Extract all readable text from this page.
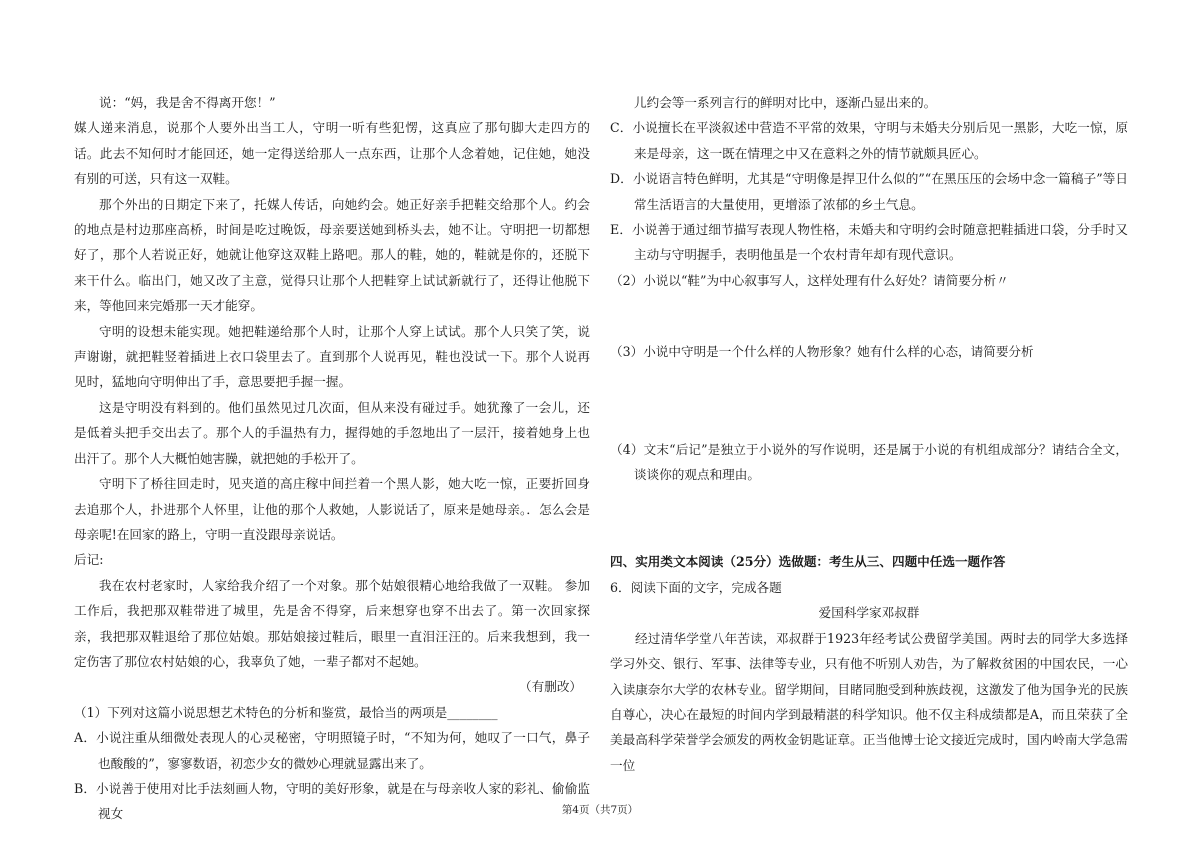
说：“妈，我是舍不得离开您！”

媒人递来消息，说那个人要外出当工人，守明一听有些犯愣，这真应了那句脚大走四方的话。此去不知何时才能回还，她一定得送给那人一点东西，让那个人念着她，记住她，她没有别的可送，只有这一双鞋。

那个外出的日期定下来了，托媒人传话，向她约会。她正好亲手把鞋交给那个人。约会的地点是村边那座高桥，时间是吃过晚饭，母亲要送她到桥头去，她不让。守明把一切都想好了，那个人若说正好，她就让他穿这双鞋上路吧。那人的鞋，她的，鞋就是你的，还脱下来干什么。临出门，她又改了主意，觉得只让那个人把鞋穿上试试新就行了，还得让他脱下来，等他回来完婚那一天才能穿。

守明的设想未能实现。她把鞋递给那个人时，让那个人穿上试试。那个人只笑了笑，说声谢谢，就把鞋竖着插进上衣口袋里去了。直到那个人说再见，鞋也没试一下。那个人说再见时，猛地向守明伸出了手，意思要把手握一握。

这是守明没有料到的。他们虽然见过几次面，但从来没有碰过手。她犹豫了一会儿，还是低着头把手交出去了。那个人的手温热有力，握得她的手忽地出了一层汗，接着她身上也出汗了。那个人大概怕她害臊，就把她的手松开了。

守明下了桥往回走时，见夹道的高庄稼中间拦着一个黑人影，她大吃一惊，正要折回身去追那个人，扑进那个人怀里，让他的那个人救她，人影说话了，原来是她母亲。．怎么会是母亲呢!在回家的路上，守明一直没跟母亲说话。

后记:

我在农村老家时，人家给我介绍了一个对象。那个姑娘很精心地给我做了一双鞋。 参加工作后，我把那双鞋带进了城里，先是舍不得穿，后来想穿也穿不出去了。第一次回家探亲，我把那双鞋退给了那位姑娘。那姑娘接过鞋后，眼里一直泪汪汪的。后来我想到，我一定伤害了那位农村姑娘的心，我辜负了她，一辈子都对不起她。

（有删改）

（1）下列对这篇小说思想艺术特色的分析和鉴赏，最恰当的两项是________

A．小说注重从细微处表现人的心灵秘密，守明照镜子时，“不知为何，她叹了一口气，鼻子也酸酸的”，寥寥数语，初恋少女的微妙心理就显露出来了。

B．小说善于使用对比手法刻画人物，守明的美好形象，就是在与母亲收人家的彩礼、偷偷监视女

儿约会等一系列言行的鲜明对比中，逐渐凸显出来的。

C．小说擅长在平淡叙述中营造不平常的效果，守明与未婚夫分别后见一黑影，大吃一惊，原来是母亲，这一既在情理之中又在意料之外的情节就颇具匠心。

D．小说语言特色鲜明，尤其是“守明像是捍卫什么似的”“在黑压压的会场中念一篇稿子”等日常生活语言的大量使用，更增添了浓郁的乡土气息。

E．小说善于通过细节描写表现人物性格，未婚夫和守明约会时随意把鞋插进口袋，分手时又主动与守明握手，表明他虽是一个农村青年却有现代意识。

（2）小说以“鞋”为中心叙事写人，这样处理有什么好处？请简要分析〃

（3）小说中守明是一个什么样的人物形象？她有什么样的心态，请简要分析

（4）文末“后记”是独立于小说外的写作说明，还是属于小说的有机组成部分？请结合全文，谈谈你的观点和理由。

四、实用类文本阅读（25分）选做题：考生从三、四题中任选一题作答

6．阅读下面的文字，完成各题

爱国科学家邓叔群

经过清华学堂八年苦读，邓叔群于1923年经考试公费留学美国。两时去的同学大多选择学习外交、银行、军事、法律等专业，只有他不听别人劝告，为了解救贫困的中国农民，一心入读康奈尔大学的农林专业。留学期间，目睹同胞受到种族歧视，这激发了他为国争光的民族自尊心，决心在最短的时间内学到最精湛的科学知识。他不仅主科成绩都是A，而且荣获了全美最高科学荣誉学会颁发的两枚金钥匙证章。正当他博士论文接近完成时，国内岭南大学急需一位

第4页（共7页）
